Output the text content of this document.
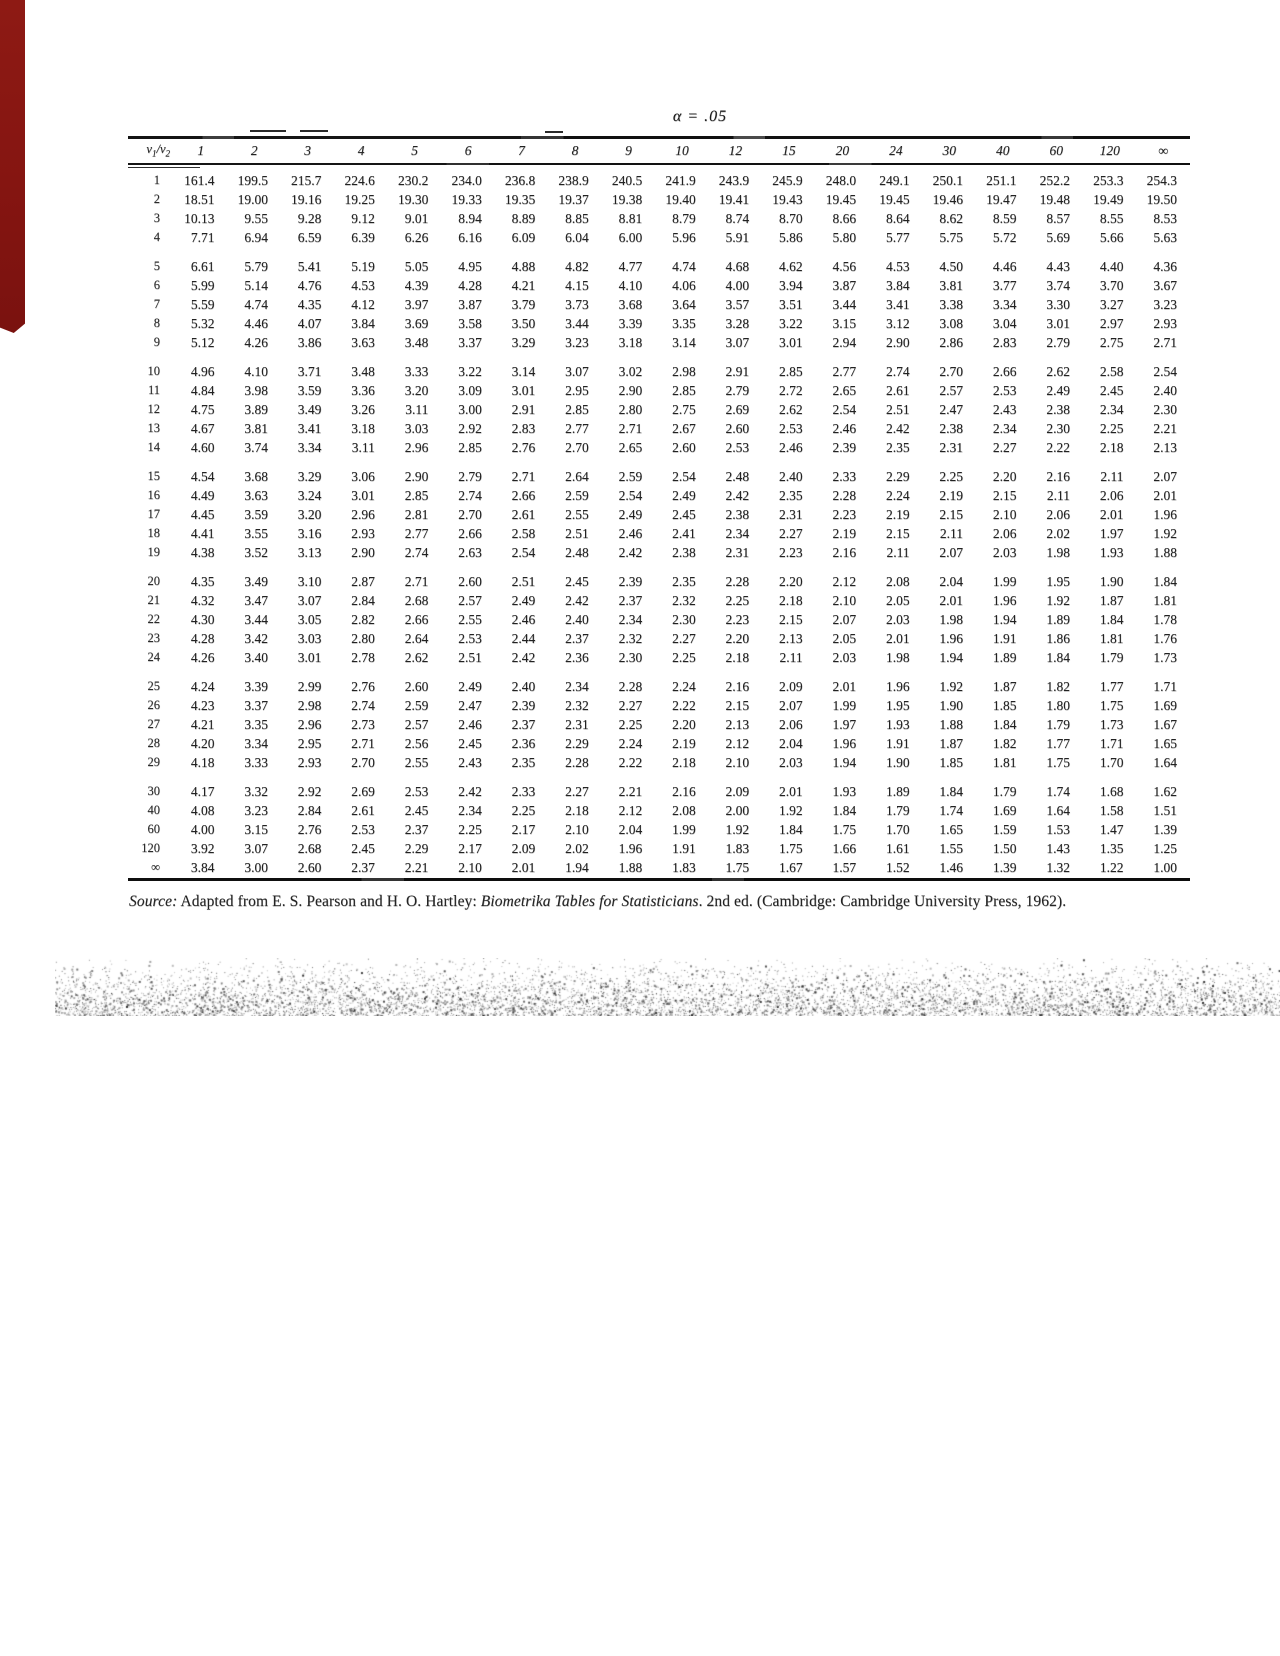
α = .05
$\nu_1/\nu_2$	1	2	3	4	5	6	7	8	9	10	12	15	20	24	30	40	60	120	∞

1	161.4	199.5	215.7	224.6	230.2	234.0	236.8	238.9	240.5	241.9	243.9	245.9	248.0	249.1	250.1	251.1	252.2	253.3	254.3
2	18.51	19.00	19.16	19.25	19.30	19.33	19.35	19.37	19.38	19.40	19.41	19.43	19.45	19.45	19.46	19.47	19.48	19.49	19.50
3	10.13	9.55	9.28	9.12	9.01	8.94	8.89	8.85	8.81	8.79	8.74	8.70	8.66	8.64	8.62	8.59	8.57	8.55	8.53
4	7.71	6.94	6.59	6.39	6.26	6.16	6.09	6.04	6.00	5.96	5.91	5.86	5.80	5.77	5.75	5.72	5.69	5.66	5.63

5	6.61	5.79	5.41	5.19	5.05	4.95	4.88	4.82	4.77	4.74	4.68	4.62	4.56	4.53	4.50	4.46	4.43	4.40	4.36
6	5.99	5.14	4.76	4.53	4.39	4.28	4.21	4.15	4.10	4.06	4.00	3.94	3.87	3.84	3.81	3.77	3.74	3.70	3.67
7	5.59	4.74	4.35	4.12	3.97	3.87	3.79	3.73	3.68	3.64	3.57	3.51	3.44	3.41	3.38	3.34	3.30	3.27	3.23
8	5.32	4.46	4.07	3.84	3.69	3.58	3.50	3.44	3.39	3.35	3.28	3.22	3.15	3.12	3.08	3.04	3.01	2.97	2.93
9	5.12	4.26	3.86	3.63	3.48	3.37	3.29	3.23	3.18	3.14	3.07	3.01	2.94	2.90	2.86	2.83	2.79	2.75	2.71

10	4.96	4.10	3.71	3.48	3.33	3.22	3.14	3.07	3.02	2.98	2.91	2.85	2.77	2.74	2.70	2.66	2.62	2.58	2.54
11	4.84	3.98	3.59	3.36	3.20	3.09	3.01	2.95	2.90	2.85	2.79	2.72	2.65	2.61	2.57	2.53	2.49	2.45	2.40
12	4.75	3.89	3.49	3.26	3.11	3.00	2.91	2.85	2.80	2.75	2.69	2.62	2.54	2.51	2.47	2.43	2.38	2.34	2.30
13	4.67	3.81	3.41	3.18	3.03	2.92	2.83	2.77	2.71	2.67	2.60	2.53	2.46	2.42	2.38	2.34	2.30	2.25	2.21
14	4.60	3.74	3.34	3.11	2.96	2.85	2.76	2.70	2.65	2.60	2.53	2.46	2.39	2.35	2.31	2.27	2.22	2.18	2.13

15	4.54	3.68	3.29	3.06	2.90	2.79	2.71	2.64	2.59	2.54	2.48	2.40	2.33	2.29	2.25	2.20	2.16	2.11	2.07
16	4.49	3.63	3.24	3.01	2.85	2.74	2.66	2.59	2.54	2.49	2.42	2.35	2.28	2.24	2.19	2.15	2.11	2.06	2.01
17	4.45	3.59	3.20	2.96	2.81	2.70	2.61	2.55	2.49	2.45	2.38	2.31	2.23	2.19	2.15	2.10	2.06	2.01	1.96
18	4.41	3.55	3.16	2.93	2.77	2.66	2.58	2.51	2.46	2.41	2.34	2.27	2.19	2.15	2.11	2.06	2.02	1.97	1.92
19	4.38	3.52	3.13	2.90	2.74	2.63	2.54	2.48	2.42	2.38	2.31	2.23	2.16	2.11	2.07	2.03	1.98	1.93	1.88

20	4.35	3.49	3.10	2.87	2.71	2.60	2.51	2.45	2.39	2.35	2.28	2.20	2.12	2.08	2.04	1.99	1.95	1.90	1.84
21	4.32	3.47	3.07	2.84	2.68	2.57	2.49	2.42	2.37	2.32	2.25	2.18	2.10	2.05	2.01	1.96	1.92	1.87	1.81
22	4.30	3.44	3.05	2.82	2.66	2.55	2.46	2.40	2.34	2.30	2.23	2.15	2.07	2.03	1.98	1.94	1.89	1.84	1.78
23	4.28	3.42	3.03	2.80	2.64	2.53	2.44	2.37	2.32	2.27	2.20	2.13	2.05	2.01	1.96	1.91	1.86	1.81	1.76
24	4.26	3.40	3.01	2.78	2.62	2.51	2.42	2.36	2.30	2.25	2.18	2.11	2.03	1.98	1.94	1.89	1.84	1.79	1.73

25	4.24	3.39	2.99	2.76	2.60	2.49	2.40	2.34	2.28	2.24	2.16	2.09	2.01	1.96	1.92	1.87	1.82	1.77	1.71
26	4.23	3.37	2.98	2.74	2.59	2.47	2.39	2.32	2.27	2.22	2.15	2.07	1.99	1.95	1.90	1.85	1.80	1.75	1.69
27	4.21	3.35	2.96	2.73	2.57	2.46	2.37	2.31	2.25	2.20	2.13	2.06	1.97	1.93	1.88	1.84	1.79	1.73	1.67
28	4.20	3.34	2.95	2.71	2.56	2.45	2.36	2.29	2.24	2.19	2.12	2.04	1.96	1.91	1.87	1.82	1.77	1.71	1.65
29	4.18	3.33	2.93	2.70	2.55	2.43	2.35	2.28	2.22	2.18	2.10	2.03	1.94	1.90	1.85	1.81	1.75	1.70	1.64

30	4.17	3.32	2.92	2.69	2.53	2.42	2.33	2.27	2.21	2.16	2.09	2.01	1.93	1.89	1.84	1.79	1.74	1.68	1.62
40	4.08	3.23	2.84	2.61	2.45	2.34	2.25	2.18	2.12	2.08	2.00	1.92	1.84	1.79	1.74	1.69	1.64	1.58	1.51
60	4.00	3.15	2.76	2.53	2.37	2.25	2.17	2.10	2.04	1.99	1.92	1.84	1.75	1.70	1.65	1.59	1.53	1.47	1.39
120	3.92	3.07	2.68	2.45	2.29	2.17	2.09	2.02	1.96	1.91	1.83	1.75	1.66	1.61	1.55	1.50	1.43	1.35	1.25
∞	3.84	3.00	2.60	2.37	2.21	2.10	2.01	1.94	1.88	1.83	1.75	1.67	1.57	1.52	1.46	1.39	1.32	1.22	1.00
Source: Adapted from E. S. Pearson and H. O. Hartley: Biometrika Tables for Statisticians. 2nd ed. (Cambridge: Cambridge University Press, 1962).
